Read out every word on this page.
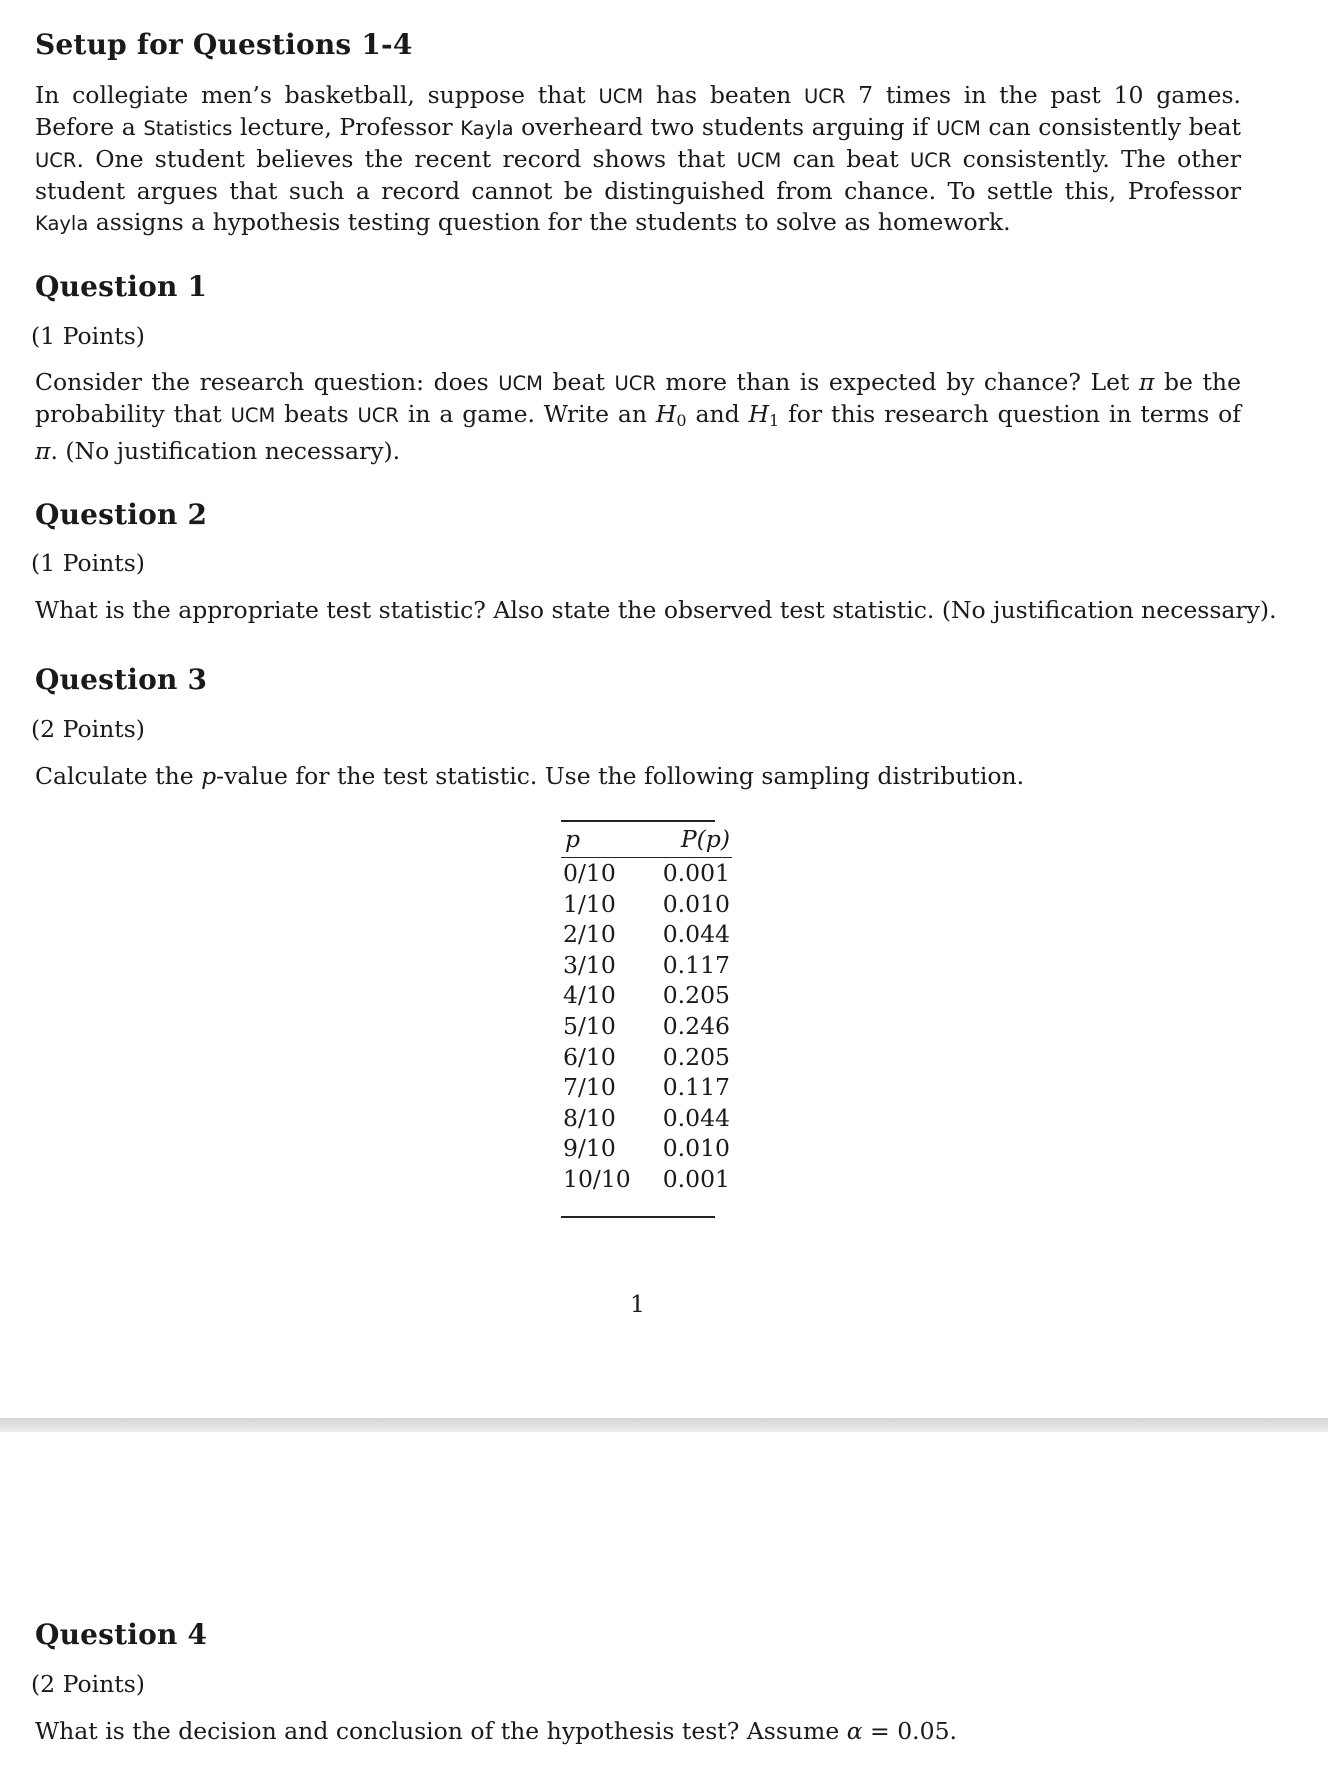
Setup for Questions 1-4
In collegiate men’s basketball, suppose that UCM has beaten UCR 7 times in the past 10 games. Before a Statistics lecture, Professor Kayla overheard two students arguing if UCM can consistently beat UCR. One student believes the recent record shows that UCM can beat UCR consistently. The other student argues that such a record cannot be distinguished from chance. To settle this, Professor Kayla assigns a hypothesis testing question for the students to solve as homework.
Question 1
(1 Points)
Consider the research question: does UCM beat UCR more than is expected by chance? Let π be the probability that UCM beats UCR in a game. Write an $H_0$ and $H_1$ for this research question in terms of π. (No justification necessary).
Question 2
(1 Points)
What is the appropriate test statistic? Also state the observed test statistic. (No justification necessary).
Question 3
(2 Points)
Calculate the p-value for the test statistic. Use the following sampling distribution.
p	P(p)
0/10	0.001
1/10	0.010
2/10	0.044
3/10	0.117
4/10	0.205
5/10	0.246
6/10	0.205
7/10	0.117
8/10	0.044
9/10	0.010
10/10	0.001
1
Question 4
(2 Points)
What is the decision and conclusion of the hypothesis test? Assume α = 0.05.
